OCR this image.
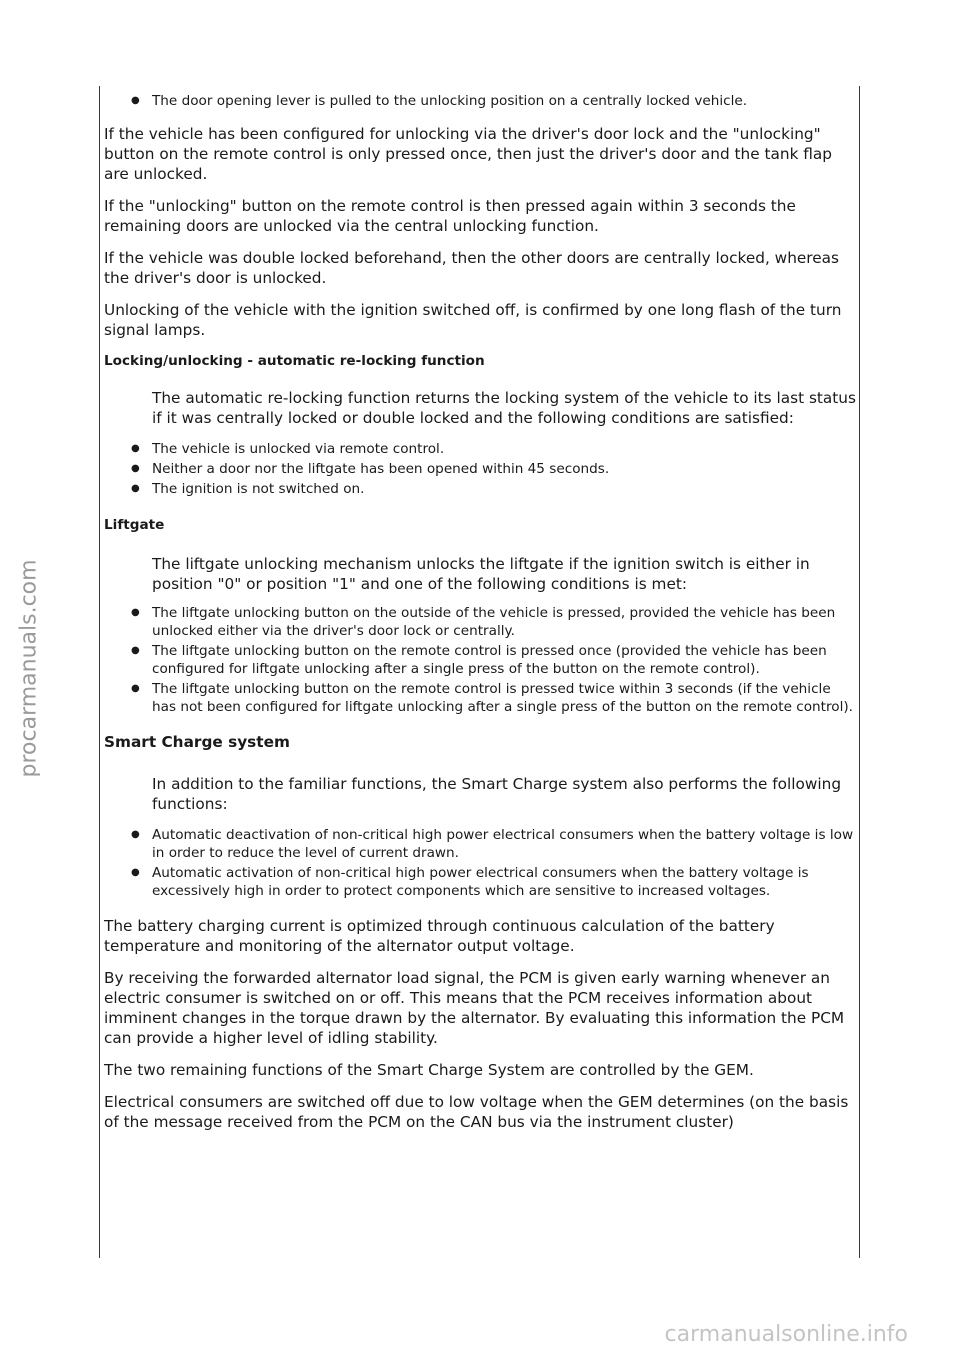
● The door opening lever is pulled to the unlocking position on a centrally locked vehicle.

If the vehicle has been configured for unlocking via the driver's door lock and the "unlocking" button on the remote control is only pressed once, then just the driver's door and the tank flap are unlocked.

If the "unlocking" button on the remote control is then pressed again within 3 seconds the remaining doors are unlocked via the central unlocking function.

If the vehicle was double locked beforehand, then the other doors are centrally locked, whereas the driver's door is unlocked.

Unlocking of the vehicle with the ignition switched off, is confirmed by one long flash of the turn signal lamps.

Locking/unlocking - automatic re-locking function

The automatic re-locking function returns the locking system of the vehicle to its last status if it was centrally locked or double locked and the following conditions are satisfied:

● The vehicle is unlocked via remote control.
● Neither a door nor the liftgate has been opened within 45 seconds.
● The ignition is not switched on.
Liftgate

The liftgate unlocking mechanism unlocks the liftgate if the ignition switch is either in position "0" or position "1" and one of the following conditions is met:

● The liftgate unlocking button on the outside of the vehicle is pressed, provided the vehicle has been unlocked either via the driver's door lock or centrally.
● The liftgate unlocking button on the remote control is pressed once (provided the vehicle has been configured for liftgate unlocking after a single press of the button on the remote control).
● The liftgate unlocking button on the remote control is pressed twice within 3 seconds (if the vehicle has not been configured for liftgate unlocking after a single press of the button on the remote control).
Smart Charge system

In addition to the familiar functions, the Smart Charge system also performs the following functions:

● Automatic deactivation of non-critical high power electrical consumers when the battery voltage is low in order to reduce the level of current drawn.
● Automatic activation of non-critical high power electrical consumers when the battery voltage is excessively high in order to protect components which are sensitive to increased voltages.

The battery charging current is optimized through continuous calculation of the battery temperature and monitoring of the alternator output voltage.

By receiving the forwarded alternator load signal, the PCM is given early warning whenever an electric consumer is switched on or off. This means that the PCM receives information about imminent changes in the torque drawn by the alternator. By evaluating this information the PCM can provide a higher level of idling stability.

The two remaining functions of the Smart Charge System are controlled by the GEM.

Electrical consumers are switched off due to low voltage when the GEM determines (on the basis of the message received from the PCM on the CAN bus via the instrument cluster)

procarmanuals.com
carmanualsonline.info
